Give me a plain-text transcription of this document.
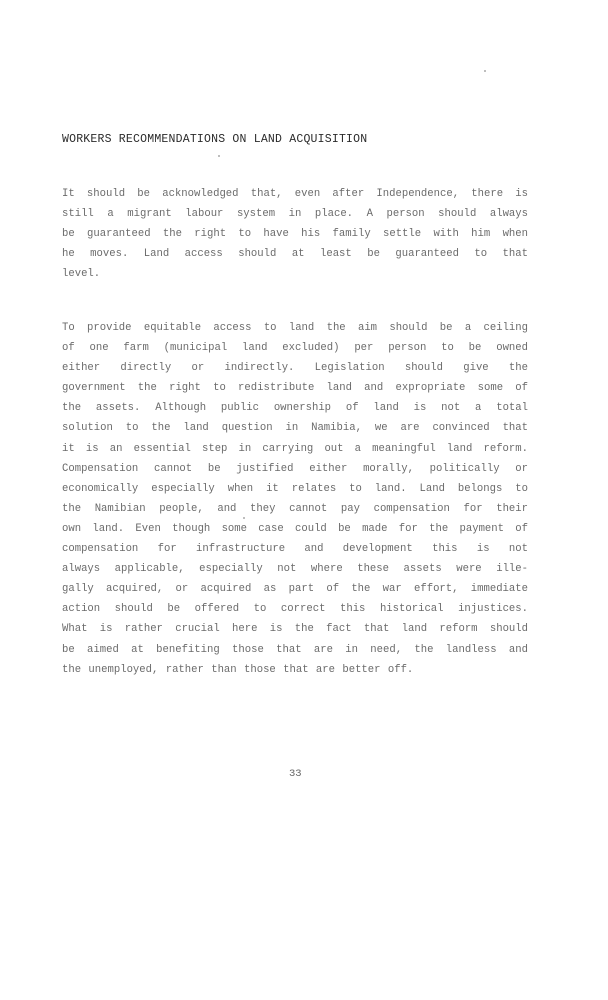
WORKERS RECOMMENDATIONS ON LAND ACQUISITION
It should be acknowledged that, even after Independence, there is
still a migrant labour system in place. A person should always
be guaranteed the right to have his family settle with him when
he moves. Land access should at least be guaranteed to that
level.
To provide equitable access to land the aim should be a ceiling
of one farm (municipal land excluded) per person to be owned
either directly or indirectly. Legislation should give the
government the right to redistribute land and expropriate some of
the assets. Although public ownership of land is not a total
solution to the land question in Namibia, we are convinced that
it is an essential step in carrying out a meaningful land reform.
Compensation cannot be justified either morally, politically or
economically especially when it relates to land. Land belongs to
the Namibian people, and they cannot pay compensation for their
own land. Even though some case could be made for the payment of
compensation for infrastructure and development this is not
always applicable, especially not where these assets were ille-
gally acquired, or acquired as part of the war effort, immediate
action should be offered to correct this historical injustices.
What is rather crucial here is the fact that land reform should
be aimed at benefiting those that are in need, the landless and
the unemployed, rather than those that are better off.
33
